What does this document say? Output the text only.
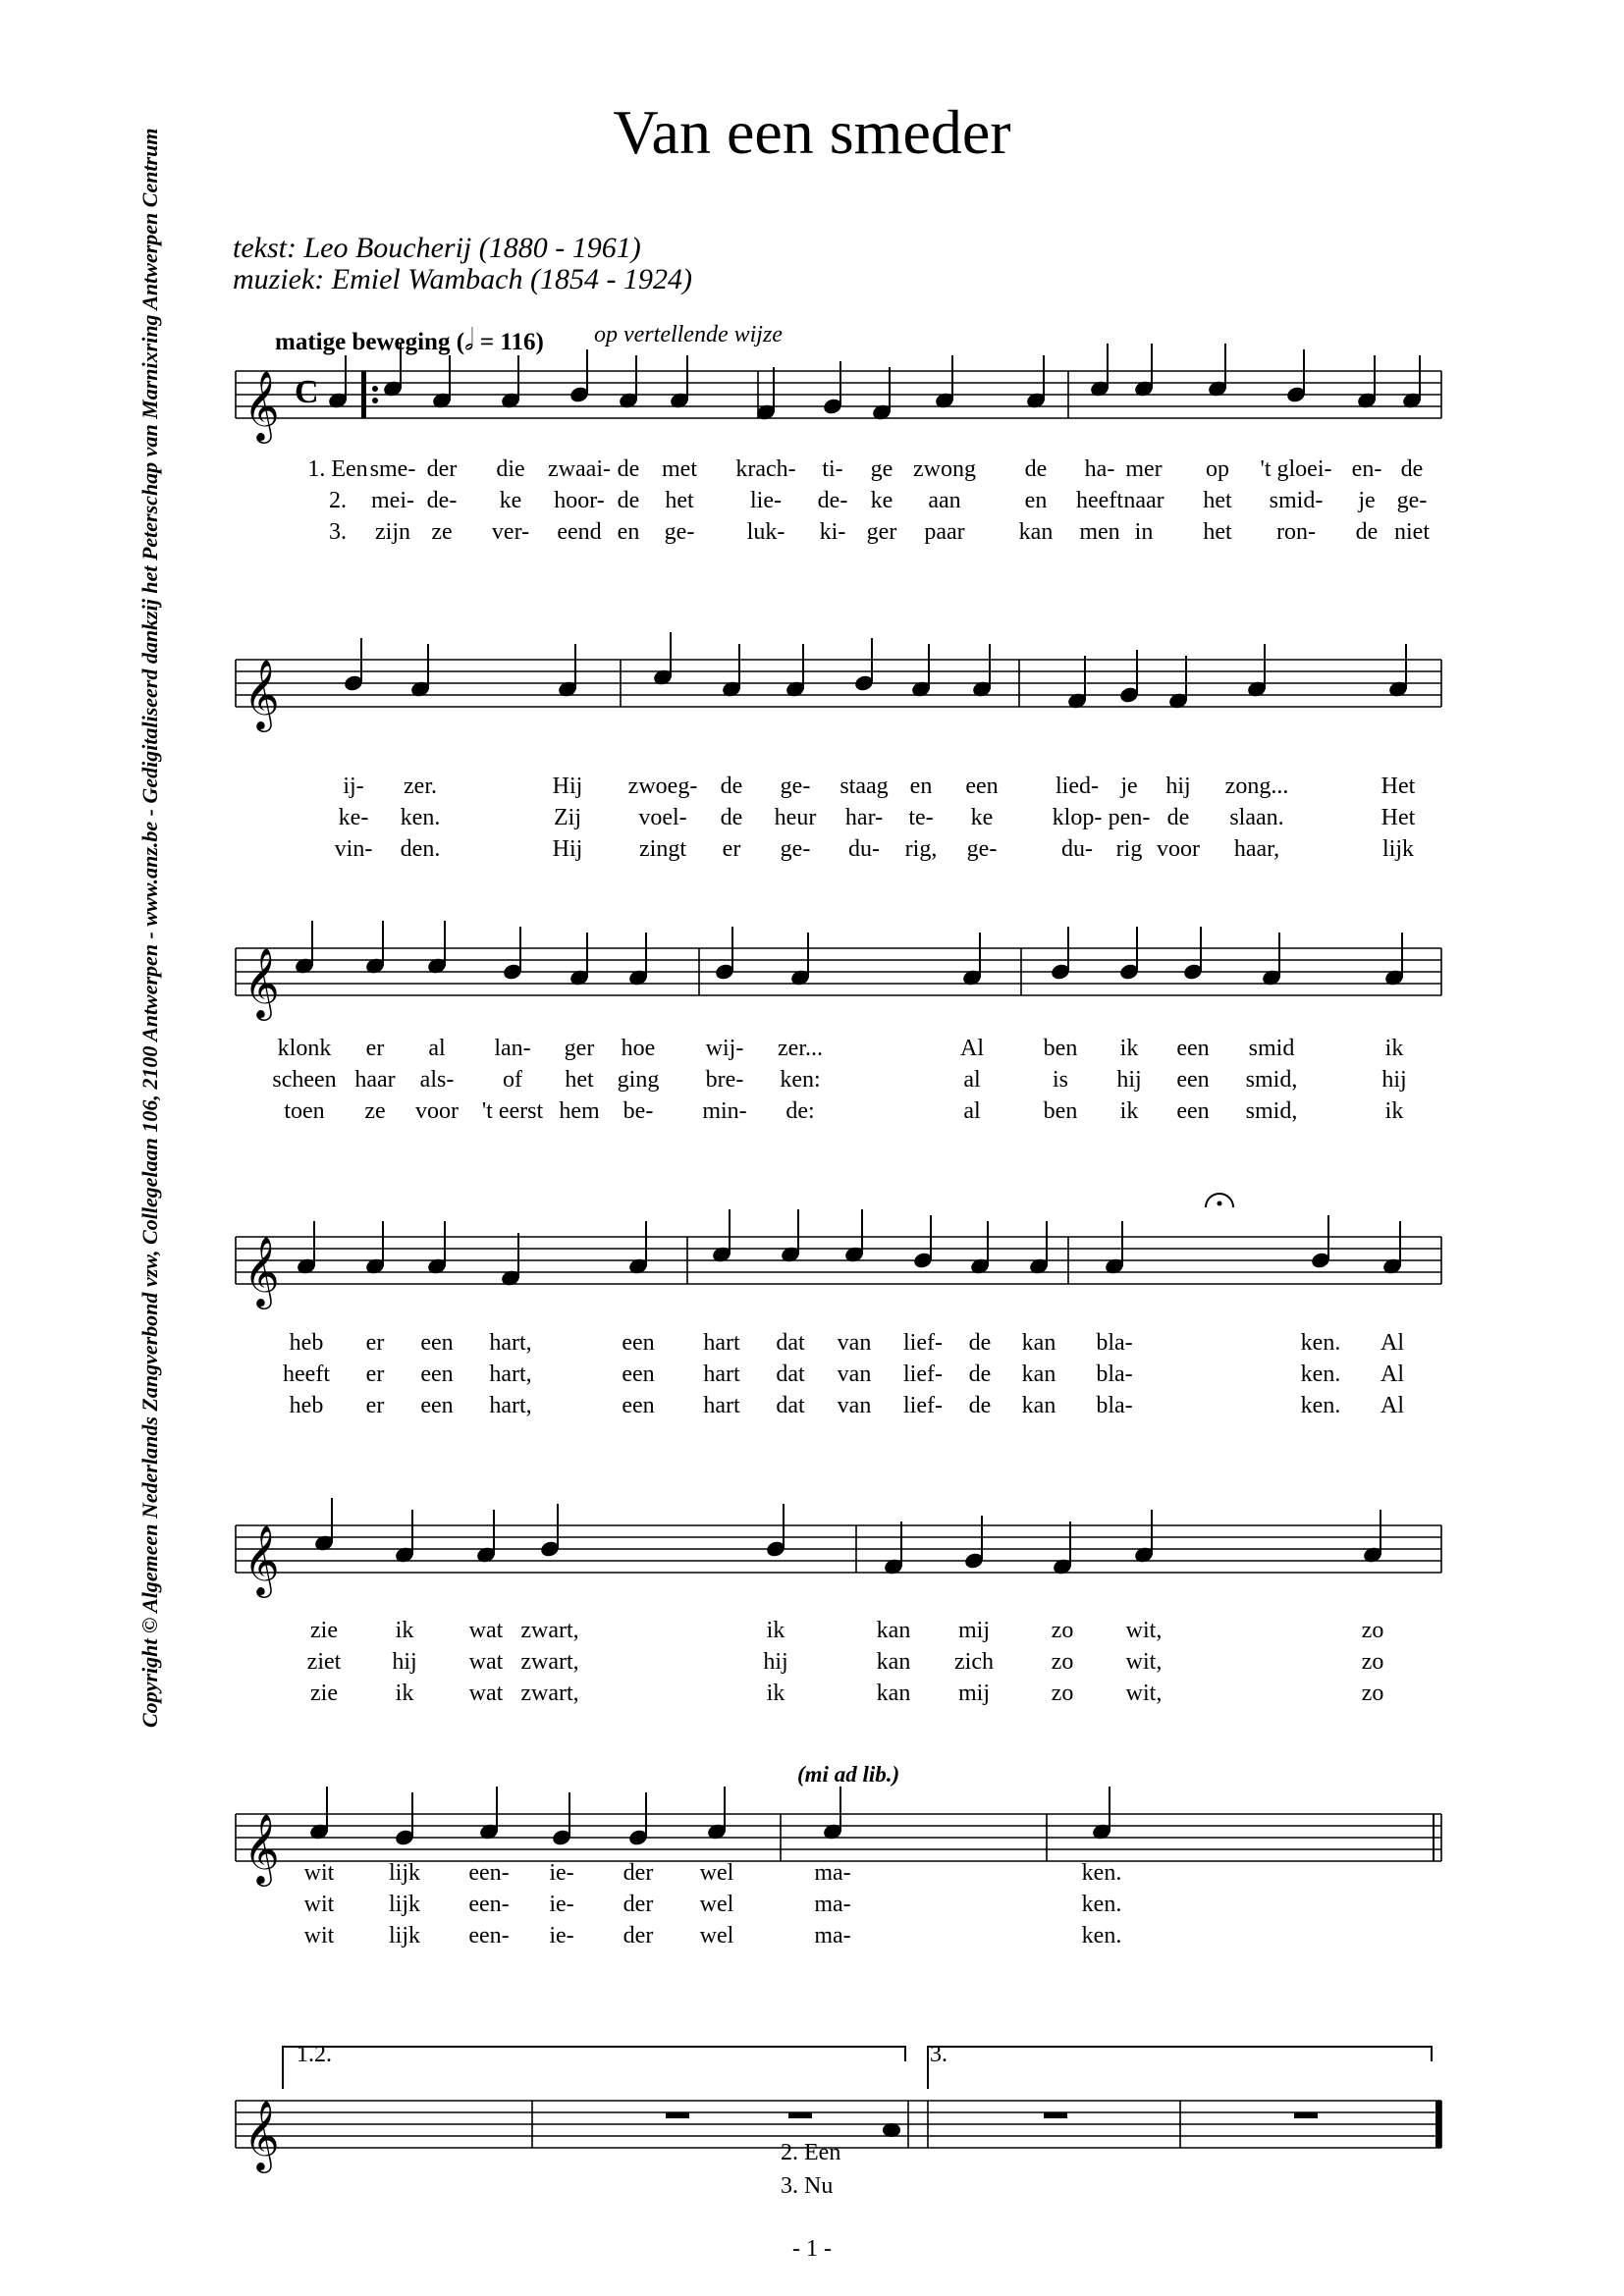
Van een smeder
tekst: Leo Boucherij (1880 - 1961)
muziek: Emiel Wambach (1854 - 1924)
matige beweging (𝅗𝅥 = 116) op vertellende wijze
(mi ad lib.)
Copyright © Algemeen Nederlands Zangverbond vzw, Collegelaan 106, 2100 Antwerpen - www.anz.be - Gedigitaliseerd dankzij het Peterschap van Marnixring Antwerpen Centrum 𝄞
𝄞
𝄞
𝄞
𝄞
𝄞
𝄞
C
1. Een sme- der die zwaai- de met krach- ti- ge zwong de ha- mer op 't gloei- en- de
2. mei- de- ke hoor- de het lie- de- ke aan	en heeft naar het smid- je ge-
3. zijn ze ver- eend en ge- luk- ki- ger paar kan men in het ron- de niet
ij- zer.	Hij zwoeg- de ge- staag en een lied- je hij zong...	Het
ke- ken.	Zij voel- de heur har- te- ke	klop- pen- de slaan.	Het
vin- den.	Hij zingt er ge- du- rig, ge-	du- rig voor haar,	lijk
klonk er al lan- ger hoe wij- zer...	Al	ben ik een smid	ik
scheen haar als- of het ging bre- ken:	al	is hij een smid,	hij
toen ze voor 't eerst hem be- min- de:	al	ben ik een smid,	ik
heb er een hart,	een hart dat van lief- de kan bla-	ken. Al
heeft er een hart,	een hart dat van lief- de kan bla-	ken. Al
heb er een hart,	een hart dat van lief- de kan bla-	ken. Al
zie ik wat zwart,	ik	kan mij	zo wit,	zo
ziet hij wat zwart,	hij	kan zich zo wit,	zo
zie ik wat zwart,	ik	kan mij	zo wit,	zo
wit lijk een- ie- der wel	ma-	ken.
wit lijk een- ie- der wel	ma-	ken.
wit lijk een- ie- der wel	ma-	ken.
1.2.	3.
2. Een
3. Nu
- 1 -
